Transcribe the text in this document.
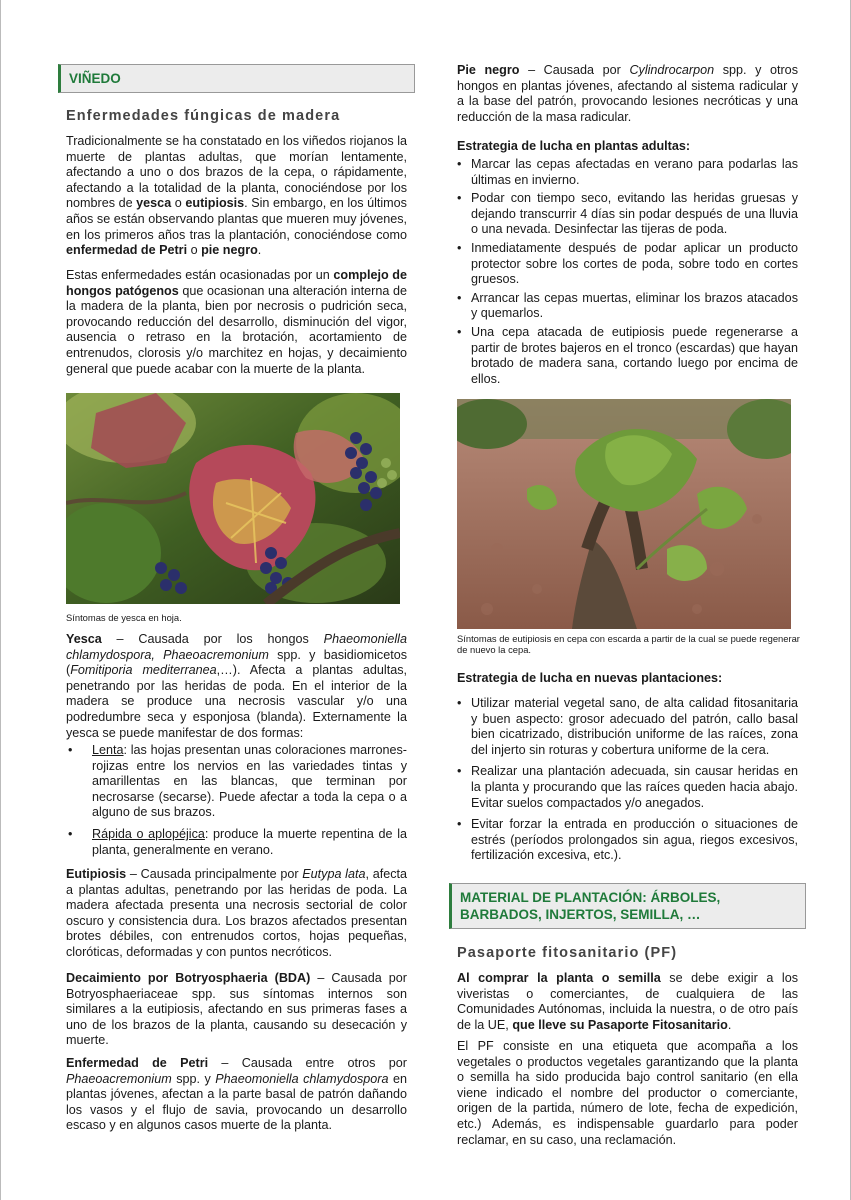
VIÑEDO
Enfermedades fúngicas de madera
Tradicionalmente se ha constatado en los viñedos riojanos la muerte de plantas adultas, que morían lentamente, afectando a uno o dos brazos de la cepa, o rápidamente, afectando a la totalidad de la planta, conociéndose por los nombres de yesca o eutipiosis. Sin embargo, en los últimos años se están observando plantas que mueren muy jóvenes, en los primeros años tras la plantación, conociéndose como enfermedad de Petri o pie negro.
Estas enfermedades están ocasionadas por un complejo de hongos patógenos que ocasionan una alteración interna de la madera de la planta, bien por necrosis o pudrición seca, provocando reducción del desarrollo, disminución del vigor, ausencia o retraso en la brotación, acortamiento de entrenudos, clorosis y/o marchitez en hojas, y decaimiento general que puede acabar con la muerte de la planta.
Síntomas de yesca en hoja.
Yesca – Causada por los hongos Phaeomoniella chlamydospora, Phaeoacremonium spp. y basidiomicetos (Fomitiporia mediterranea,…). Afecta a plantas adultas, penetrando por las heridas de poda. En el interior de la madera se produce una necrosis vascular y/o una podredumbre seca y esponjosa (blanda). Externamente la yesca se puede manifestar de dos formas:
• Lenta: las hojas presentan unas coloraciones marrones-rojizas entre los nervios en las variedades tintas y amarillentas en las blancas, que terminan por necrosarse (secarse). Puede afectar a toda la cepa o a alguno de sus brazos.
• Rápida o aplopéjica: produce la muerte repentina de la planta, generalmente en verano.
Eutipiosis – Causada principalmente por Eutypa lata, afecta a plantas adultas, penetrando por las heridas de poda. La madera afectada presenta una necrosis sectorial de color oscuro y consistencia dura. Los brazos afectados presentan brotes débiles, con entrenudos cortos, hojas pequeñas, cloróticas, deformadas y con puntos necróticos.
Decaimiento por Botryosphaeria (BDA) – Causada por Botryosphaeriaceae spp. sus síntomas internos son similares a la eutipiosis, afectando en sus primeras fases a uno de los brazos de la planta, causando su desecación y muerte.
Enfermedad de Petri – Causada entre otros por Phaeoacremonium spp. y Phaeomoniella chlamydospora en plantas jóvenes, afectan a la parte basal de patrón dañando los vasos y el flujo de savia, provocando un desarrollo escaso y en algunos casos muerte de la planta.
Pie negro – Causada por Cylindrocarpon spp. y otros hongos en plantas jóvenes, afectando al sistema radicular y a la base del patrón, provocando lesiones necróticas y una reducción de la masa radicular.
Estrategia de lucha en plantas adultas:
• Marcar las cepas afectadas en verano para podarlas las últimas en invierno.
• Podar con tiempo seco, evitando las heridas gruesas y dejando transcurrir 4 días sin podar después de una lluvia o una nevada. Desinfectar las tijeras de poda.
• Inmediatamente después de podar aplicar un producto protector sobre los cortes de poda, sobre todo en cortes gruesos.
• Arrancar las cepas muertas, eliminar los brazos atacados y quemarlos.
• Una cepa atacada de eutipiosis puede regenerarse a partir de brotes bajeros en el tronco (escardas) que hayan brotado de madera sana, cortando luego por encima de ellos.
Síntomas de eutipiosis en cepa con escarda a partir de la cual se puede regenerar de nuevo la cepa.
Estrategia de lucha en nuevas plantaciones:
• Utilizar material vegetal sano, de alta calidad fitosanitaria y buen aspecto: grosor adecuado del patrón, callo basal bien cicatrizado, distribución uniforme de las raíces, zona del injerto sin roturas y cobertura uniforme de la cera.
• Realizar una plantación adecuada, sin causar heridas en la planta y procurando que las raíces queden hacia abajo. Evitar suelos compactados y/o anegados.
• Evitar forzar la entrada en producción o situaciones de estrés (períodos prolongados sin agua, riegos excesivos, fertilización excesiva, etc.).
MATERIAL DE PLANTACIÓN: ÁRBOLES, BARBADOS, INJERTOS, SEMILLA, …
Pasaporte fitosanitario (PF)
Al comprar la planta o semilla se debe exigir a los viveristas o comerciantes, de cualquiera de las Comunidades Autónomas, incluida la nuestra, o de otro país de la UE, que lleve su Pasaporte Fitosanitario.
El PF consiste en una etiqueta que acompaña a los vegetales o productos vegetales garantizando que la planta o semilla ha sido producida bajo control sanitario (en ella viene indicado el nombre del productor o comerciante, origen de la partida, número de lote, fecha de expedición, etc.) Además, es indispensable guardarlo para poder reclamar, en su caso, una reclamación.
